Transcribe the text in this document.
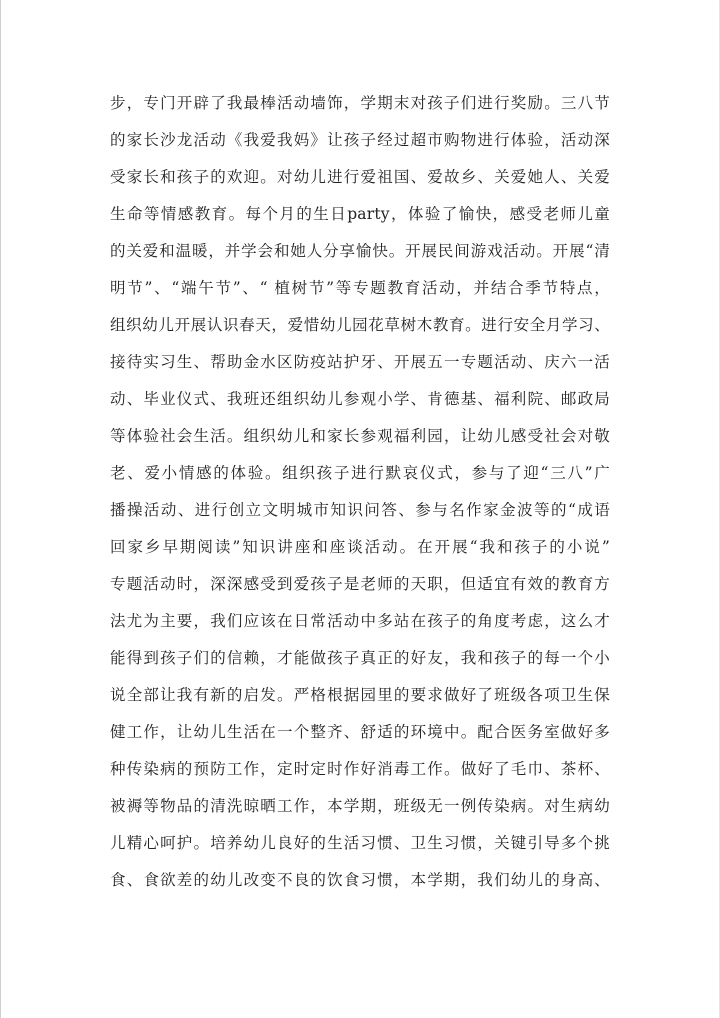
步，专门开辟了我最棒活动墙饰，学期末对孩子们进行奖励。三八节
的家长沙龙活动《我爱我妈》让孩子经过超市购物进行体验，活动深
受家长和孩子的欢迎。对幼儿进行爱祖国、爱故乡、关爱她人、关爱
生命等情感教育。每个月的生日party，体验了愉快，感受老师儿童
的关爱和温暖，并学会和她人分享愉快。开展民间游戏活动。开展“清
明节”、“端午节”、“ 植树节”等专题教育活动，并结合季节特点，
组织幼儿开展认识春天，爱惜幼儿园花草树木教育。进行安全月学习、
接待实习生、帮助金水区防疫站护牙、开展五一专题活动、庆六一活
动、毕业仪式、我班还组织幼儿参观小学、肯德基、福利院、邮政局
等体验社会生活。组织幼儿和家长参观福利园，让幼儿感受社会对敬
老、爱小情感的体验。组织孩子进行默哀仪式，参与了迎“三八”广
播操活动、进行创立文明城市知识问答、参与名作家金波等的“成语
回家乡早期阅读”知识讲座和座谈活动。在开展“我和孩子的小说”
专题活动时，深深感受到爱孩子是老师的天职，但适宜有效的教育方
法尤为主要，我们应该在日常活动中多站在孩子的角度考虑，这么才
能得到孩子们的信赖，才能做孩子真正的好友，我和孩子的每一个小
说全部让我有新的启发。严格根据园里的要求做好了班级各项卫生保
健工作，让幼儿生活在一个整齐、舒适的环境中。配合医务室做好多
种传染病的预防工作，定时定时作好消毒工作。做好了毛巾、茶杯、
被褥等物品的清洗晾晒工作，本学期，班级无一例传染病。对生病幼
儿精心呵护。培养幼儿良好的生活习惯、卫生习惯，关键引导多个挑
食、食欲差的幼儿改变不良的饮食习惯，本学期，我们幼儿的身高、
